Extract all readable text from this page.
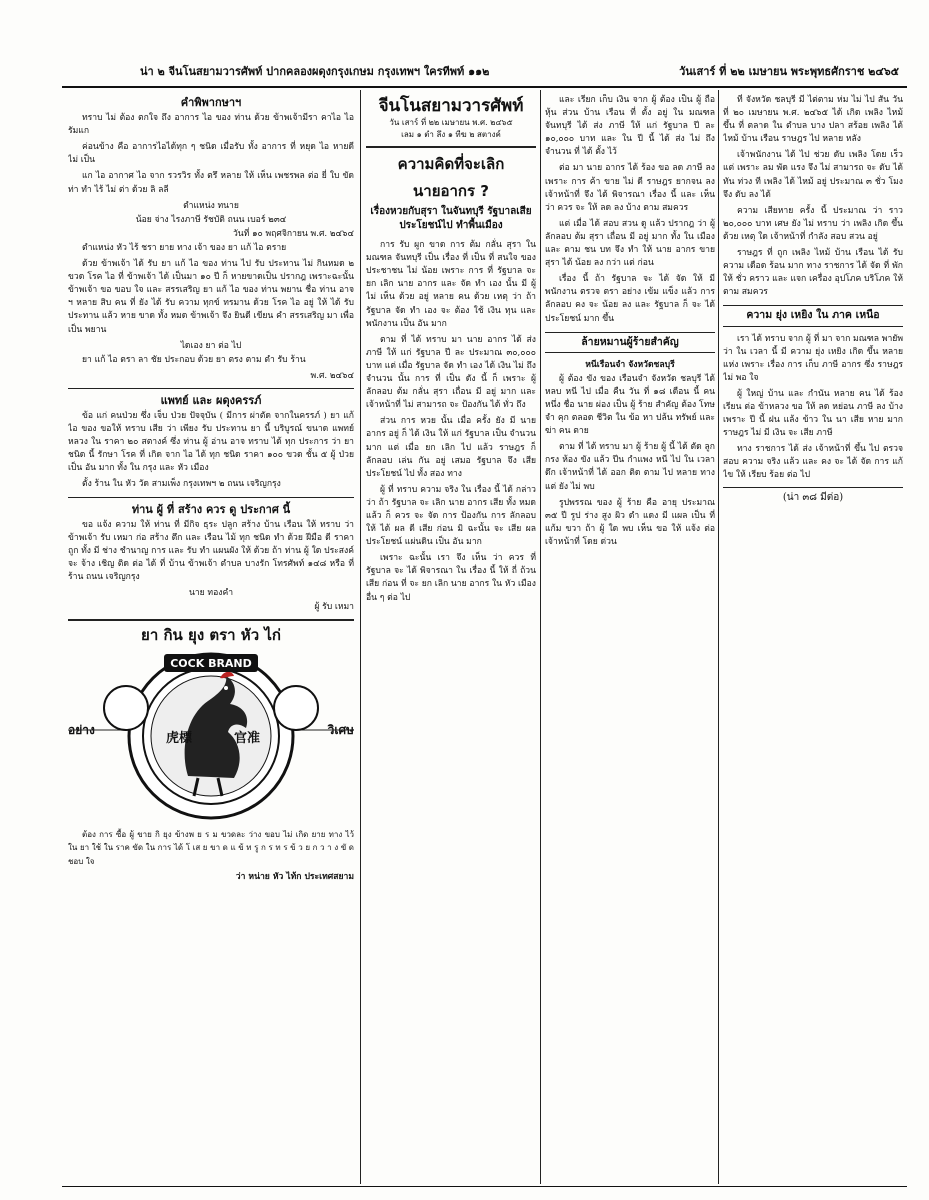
น่า ๒ จีนโนสยามวารศัพท์ ปากคลองผดุงกรุงเกษม กรุงเทพฯ ใครทีพท์ ๑๑๒	วันเสาร์ ที่ ๒๒ เมษายน พระพุทธศักราช ๒๔๖๕
คำพิพากษาฯ

ทราบ ไม่ ต้อง ตกใจ ถึง อาการ ไอ ของ ท่าน ด้วย ข้าพเจ้ามีรา คาไอ ไอรัมแก

ค่อนข้าง คือ อาการไอได้ทุก ๆ ชนิด เมื่อรับ ทั้ง อาการ ที่ หยุด ไอ หายดี ไม่ เป็น

แก ไอ อากาศ ไอ จาก รวรวิร ทั้ง ตรึ หลาย ให้ เห็น เพชรพล ต่อ ยี่ ใบ ขัด ท่า ทำ ไร้ ไม่ ต่า ด้วย ลิ ลลี

ตำแหน่ง ทนาย

น้อย จ่าง ไรงภาษี รัชบัติ ถนน เบอร์ ๒๓๔

วันที่ ๑๐ พฤศจิกายน พ.ศ. ๒๔๖๔

ตำแหน่ง หัว ไร้ ชรา ยาย ทาง เจ้า ของ ยา แก้ ไอ ตราย

ด้วย ข้าพเจ้า ได้ รับ ยา แก้ ไอ ของ ท่าน ไป รับ ประทาน ไม่ กินหมด ๒ ขวด โรค ไอ ที่ ข้าพเจ้า ได้ เป็นมา ๑๐ ปี ก็ หายขาดเป็น ปรากฎ เพราะฉะนั้น ข้าพเจ้า ขอ ขอบ ใจ และ สรรเสริญ ยา แก้ ไอ ของ ท่าน พยาน ชื่อ ท่าน อาจ ฯ หลาย สิบ คน ที่ ยัง ได้ รับ ความ ทุกข์ ทรมาน ด้วย โรค ไอ อยู่ ให้ ได้ รับ ประทาน แล้ว หาย ขาด ทั้ง หมด ข้าพเจ้า จึง ยินดี เขียน คำ สรรเสริญ มา เพื่อ เป็น พยาน

ไดเอง ยา ต่อ ไป

ยา แก้ ไอ ตรา ลา ชัย ประกอบ ด้วย ยา ตรง ตาม ตำ รับ ร้าน

พ.ศ. ๒๔๖๔

แพทย์ และ ผดุงครรภ์

ข้อ แก่ คนป่วย ซึ่ง เจ็บ ป่วย ปัจจุบัน ( มีการ ผ่าตัด จากในครรภ์ ) ยา แก้ ไอ ของ ขอให้ ทราบ เสีย ว่า เพียง รับ ประทาน ยา นี้ บริบูรณ์ ขนาด แพทย์ หลวง ใน ราคา ๒๐ สตางค์ ซึ่ง ท่าน ผู้ อ่าน อาจ ทราบ ได้ ทุก ประการ ว่า ยา ชนิด นี้ รักษา โรค ที่ เกิด จาก ไอ ได้ ทุก ชนิด ราคา ๑๐๐ ขวด ชั้น ๕ ผู้ ป่วย เป็น อัน มาก ทั้ง ใน กรุง และ หัว เมือง

ตั้ง ร้าน ใน หัว วัด สามเพ็ง กรุงเทพฯ ๒ ถนน เจริญกรุง

ท่าน ผู้ ที่ สร้าง ควร ดู ประกาศ นี้

ขอ แจ้ง ความ ให้ ท่าน ที่ มีกิจ ธุระ ปลูก สร้าง บ้าน เรือน ให้ ทราบ ว่า ข้าพเจ้า รับ เหมา ก่อ สร้าง ตึก และ เรือน ไม้ ทุก ชนิด ทำ ด้วย ฝีมือ ดี ราคา ถูก ทั้ง มี ช่าง ชำนาญ การ และ รับ ทำ แผนผัง ให้ ด้วย ถ้า ท่าน ผู้ ใด ประสงค์ จะ จ้าง เชิญ ติด ต่อ ได้ ที่ บ้าน ข้าพเจ้า ตำบล บางรัก โทรศัพท์ ๑๔๘ หรือ ที่ ร้าน ถนน เจริญกรุง

นาย ทองคำ

ผู้ รับ เหมา

ยา กิน ยุง ตรา หัว ไก่
อย่าง	วิเศษ
COCK BRAND
虎標	官准

ต้อง การ ซื้อ ผู้ ขาย กิ ยุง ข้างพ ย ร ม ขวดละ ว่าง ขอบ ไม่ เกิด ยาย ทาง ไว้ ใน ยา ใช้ ใน ราค ขัด ใน การ ได้ โ เส ย ขา ด แ ข้ ท รู ก ร ท ร ข้ ว ย ก ว า ง ขั ด ชอบ ใจ

ว่า หน่าย หัว ไท้ก ประเทศสยาม

จีนโนสยามวารศัพท์
วัน เสาร์ ที่ ๒๒ เมษายน พ.ศ. ๒๔๖๕
เลม ๑ ตำ ลึง ๑ ทีฆ ๒ สตางค์
ความคิดที่จะเลิก
นายอากร ?
เรื่องหวยกับสุรา ในจันทบุรี รัฐบาลเสียประโยชน์ไป ทำพื้นเมือง

การ รับ ผูก ขาด การ ต้ม กลั่น สุรา ใน มณฑล จันทบุรี เป็น เรื่อง ที่ เป็น ที่ สนใจ ของ ประชาชน ไม่ น้อย เพราะ การ ที่ รัฐบาล จะ ยก เลิก นาย อากร และ จัด ทำ เอง นั้น มี ผู้ ไม่ เห็น ด้วย อยู่ หลาย คน ด้วย เหตุ ว่า ถ้า รัฐบาล จัด ทำ เอง จะ ต้อง ใช้ เงิน ทุน และ พนักงาน เป็น อัน มาก

ตาม ที่ ได้ ทราบ มา นาย อากร ได้ ส่ง ภาษี ให้ แก่ รัฐบาล ปี ละ ประมาณ ๓๐,๐๐๐ บาท แต่ เมื่อ รัฐบาล จัด ทำ เอง ได้ เงิน ไม่ ถึง จำนวน นั้น การ ที่ เป็น ดัง นี้ ก็ เพราะ ผู้ ลักลอบ ต้ม กลั่น สุรา เถื่อน มี อยู่ มาก และ เจ้าหน้าที่ ไม่ สามารถ จะ ป้องกัน ได้ ทั่ว ถึง

ส่วน การ หวย นั้น เมื่อ ครั้ง ยัง มี นาย อากร อยู่ ก็ ได้ เงิน ให้ แก่ รัฐบาล เป็น จำนวน มาก แต่ เมื่อ ยก เลิก ไป แล้ว ราษฎร ก็ ลักลอบ เล่น กัน อยู่ เสมอ รัฐบาล จึง เสีย ประโยชน์ ไป ทั้ง สอง ทาง

ผู้ ที่ ทราบ ความ จริง ใน เรื่อง นี้ ได้ กล่าว ว่า ถ้า รัฐบาล จะ เลิก นาย อากร เสีย ทั้ง หมด แล้ว ก็ ควร จะ จัด การ ป้องกัน การ ลักลอบ ให้ ได้ ผล ดี เสีย ก่อน มิ ฉะนั้น จะ เสีย ผล ประโยชน์ แผ่นดิน เป็น อัน มาก

เพราะ ฉะนั้น เรา จึง เห็น ว่า ควร ที่ รัฐบาล จะ ได้ พิจารณา ใน เรื่อง นี้ ให้ ถี่ ถ้วน เสีย ก่อน ที่ จะ ยก เลิก นาย อากร ใน หัว เมือง อื่น ๆ ต่อ ไป

และ เรียก เก็บ เงิน จาก ผู้ ต้อง เป็น ผู้ ถือ หุ้น ส่วน บ้าน เรือน ที่ ตั้ง อยู่ ใน มณฑล จันทบุรี ได้ ส่ง ภาษี ให้ แก่ รัฐบาล ปี ละ ๑๐,๐๐๐ บาท และ ใน ปี นี้ ได้ ส่ง ไม่ ถึง จำนวน ที่ ได้ ตั้ง ไว้

ต่อ มา นาย อากร ได้ ร้อง ขอ ลด ภาษี ลง เพราะ การ ค้า ขาย ไม่ ดี ราษฎร ยากจน ลง เจ้าหน้าที่ จึง ได้ พิจารณา เรื่อง นี้ และ เห็น ว่า ควร จะ ให้ ลด ลง บ้าง ตาม สมควร

แต่ เมื่อ ได้ สอบ สวน ดู แล้ว ปรากฎ ว่า ผู้ ลักลอบ ต้ม สุรา เถื่อน มี อยู่ มาก ทั้ง ใน เมือง และ ตาม ชน บท จึง ทำ ให้ นาย อากร ขาย สุรา ได้ น้อย ลง กว่า แต่ ก่อน

เรื่อง นี้ ถ้า รัฐบาล จะ ได้ จัด ให้ มี พนักงาน ตรวจ ตรา อย่าง เข้ม แข็ง แล้ว การ ลักลอบ คง จะ น้อย ลง และ รัฐบาล ก็ จะ ได้ ประโยชน์ มาก ขึ้น

ล้ายหมานผู้ร้ายสำคัญ
หนีเรือนจำ จังหวัดชลบุรี

ผู้ ต้อง ขัง ของ เรือนจำ จังหวัด ชลบุรี ได้ หลบ หนี ไป เมื่อ คืน วัน ที่ ๑๘ เดือน นี้ คน หนึ่ง ชื่อ นาย ผ่อง เป็น ผู้ ร้าย สำคัญ ต้อง โทษ จำ คุก ตลอด ชีวิต ใน ข้อ หา ปล้น ทรัพย์ และ ฆ่า คน ตาย

ตาม ที่ ได้ ทราบ มา ผู้ ร้าย ผู้ นี้ ได้ ตัด ลูก กรง ห้อง ขัง แล้ว ปีน กำแพง หนี ไป ใน เวลา ดึก เจ้าหน้าที่ ได้ ออก ติด ตาม ไป หลาย ทาง แต่ ยัง ไม่ พบ

รูปพรรณ ของ ผู้ ร้าย คือ อายุ ประมาณ ๓๕ ปี รูป ร่าง สูง ผิว ดำ แดง มี แผล เป็น ที่ แก้ม ขวา ถ้า ผู้ ใด พบ เห็น ขอ ให้ แจ้ง ต่อ เจ้าหน้าที่ โดย ด่วน

ที่ จังหวัด ชลบุรี มี ไต่ตาม ห่ม ไม่ ไป สัน วัน ที่ ๒๐ เมษายน พ.ศ. ๒๔๖๕ ได้ เกิด เพลิง ไหม้ ขึ้น ที่ ตลาด ใน ตำบล บาง ปลา สร้อย เพลิง ได้ ไหม้ บ้าน เรือน ราษฎร ไป หลาย หลัง

เจ้าพนักงาน ได้ ไป ช่วย ดับ เพลิง โดย เร็ว แต่ เพราะ ลม พัด แรง จึง ไม่ สามารถ จะ ดับ ได้ ทัน ท่วง ที เพลิง ได้ ไหม้ อยู่ ประมาณ ๓ ชั่ว โมง จึง ดับ ลง ได้

ความ เสียหาย ครั้ง นี้ ประมาณ ว่า ราว ๒๐,๐๐๐ บาท เศษ ยัง ไม่ ทราบ ว่า เพลิง เกิด ขึ้น ด้วย เหตุ ใด เจ้าหน้าที่ กำลัง สอบ สวน อยู่

ราษฎร ที่ ถูก เพลิง ไหม้ บ้าน เรือน ได้ รับ ความ เดือด ร้อน มาก ทาง ราชการ ได้ จัด ที่ พัก ให้ ชั่ว คราว และ แจก เครื่อง อุปโภค บริโภค ให้ ตาม สมควร

ความ ยุ่ง เหยิง ใน ภาค เหนือ

เรา ได้ ทราบ จาก ผู้ ที่ มา จาก มณฑล พายัพ ว่า ใน เวลา นี้ มี ความ ยุ่ง เหยิง เกิด ขึ้น หลาย แห่ง เพราะ เรื่อง การ เก็บ ภาษี อากร ซึ่ง ราษฎร ไม่ พอ ใจ

ผู้ ใหญ่ บ้าน และ กำนัน หลาย คน ได้ ร้อง เรียน ต่อ ข้าหลวง ขอ ให้ ลด หย่อน ภาษี ลง บ้าง เพราะ ปี นี้ ฝน แล้ง ข้าว ใน นา เสีย หาย มาก ราษฎร ไม่ มี เงิน จะ เสีย ภาษี

ทาง ราชการ ได้ ส่ง เจ้าหน้าที่ ขึ้น ไป ตรวจ สอบ ความ จริง แล้ว และ คง จะ ได้ จัด การ แก้ ไข ให้ เรียบ ร้อย ต่อ ไป

(น่า ๓๘ มีต่อ)
